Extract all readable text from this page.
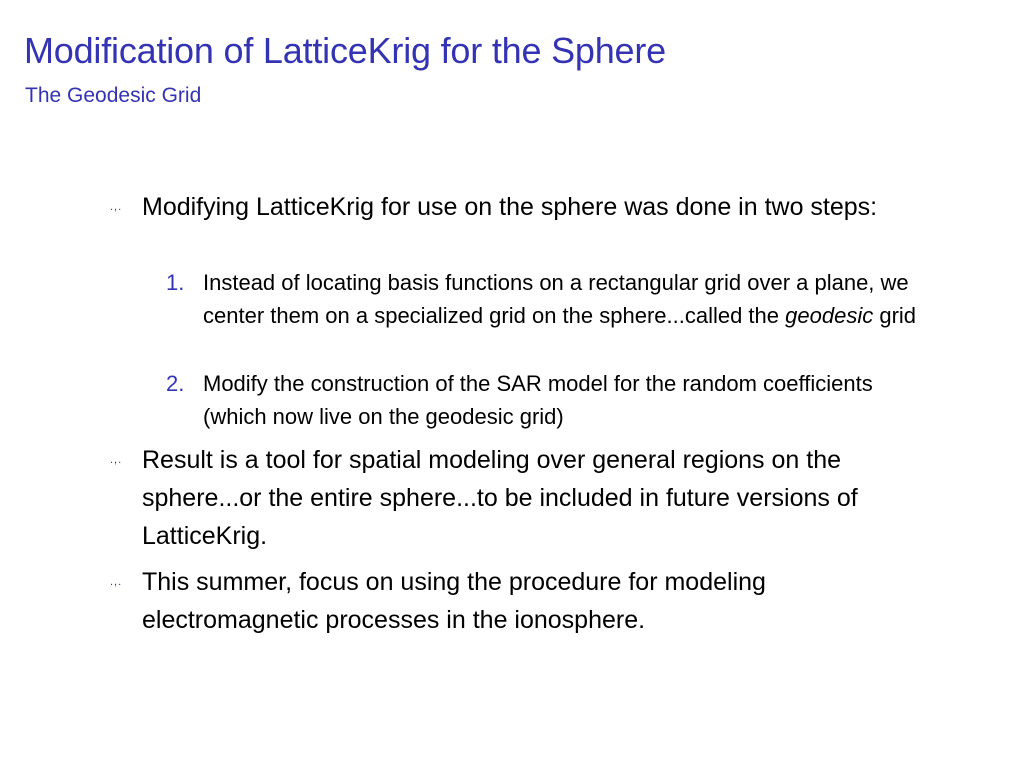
Modification of LatticeKrig for the Sphere
The Geodesic Grid
.,. Modifying LatticeKrig for use on the sphere was done in two steps:
1. Instead of locating basis functions on a rectangular grid over a plane, we center them on a specialized grid on the sphere...called the geodesic grid
2. Modify the construction of the SAR model for the random coefficients (which now live on the geodesic grid)
.,. Result is a tool for spatial modeling over general regions on the sphere...or the entire sphere...to be included in future versions of LatticeKrig.
.,. This summer, focus on using the procedure for modeling electromagnetic processes in the ionosphere.
